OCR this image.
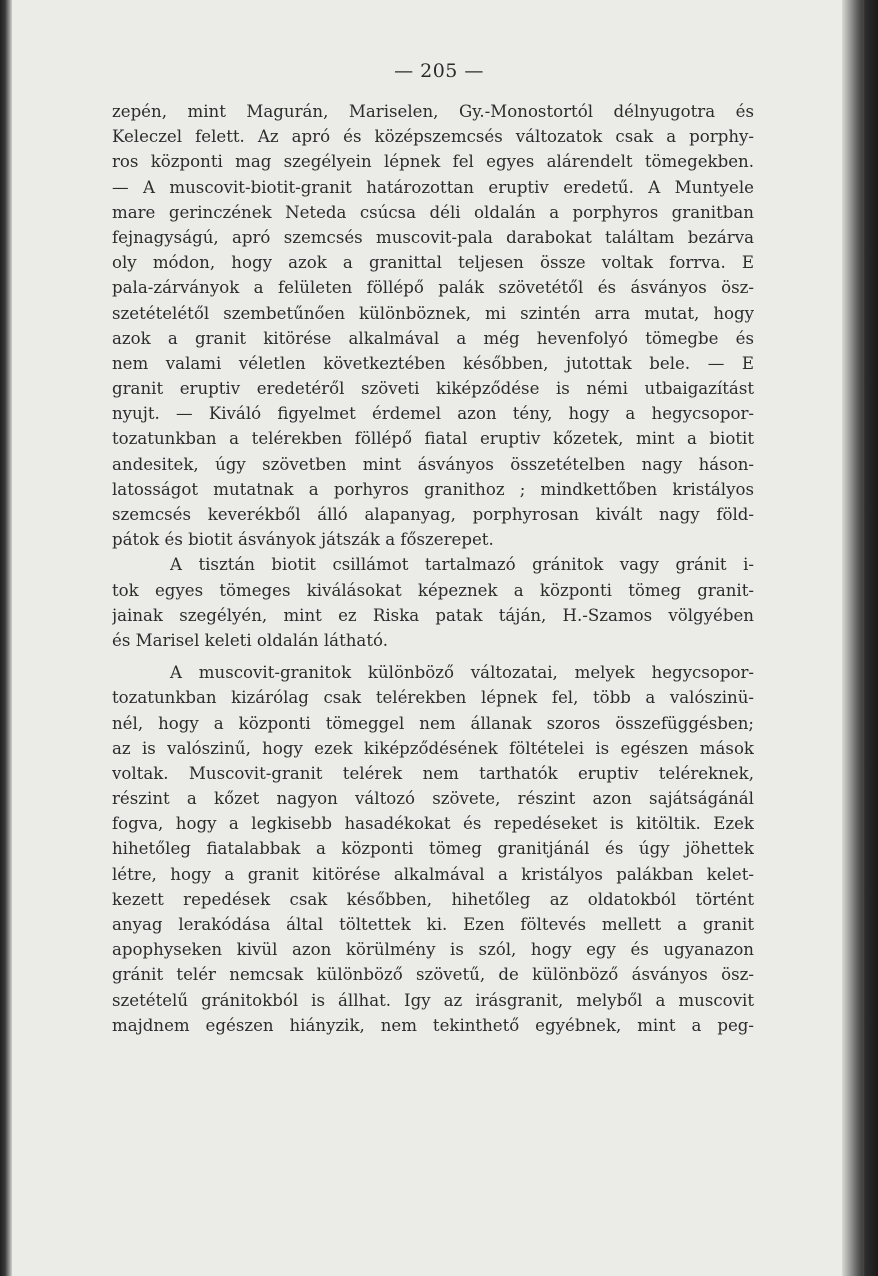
— 205 —
zepén, mint Magurán, Mariselen, Gy.-Monostortól délnyugotra és
Keleczel felett. Az apró és középszemcsés változatok csak a porphy-
ros központi mag szegélyein lépnek fel egyes alárendelt tömegekben.
— A muscovit-biotit-granit határozottan eruptiv eredetű. A Muntyele
mare gerinczének Neteda csúcsa déli oldalán a porphyros granitban
fejnagyságú, apró szemcsés muscovit-pala darabokat találtam bezárva
oly módon, hogy azok a granittal teljesen össze voltak forrva. E
pala-zárványok a felületen föllépő palák szövetétől és ásványos ösz-
szetételétől szembetűnően különböznek, mi szintén arra mutat, hogy
azok a granit kitörése alkalmával a még hevenfolyó tömegbe és
nem valami véletlen következtében későbben, jutottak bele. — E
granit eruptiv eredetéről szöveti kiképződése is némi utbaigazítást
nyujt. — Kiváló figyelmet érdemel azon tény, hogy a hegycsopor-
tozatunkban a telérekben föllépő fiatal eruptiv kőzetek, mint a biotit
andesitek, úgy szövetben mint ásványos összetételben nagy háson-
latosságot mutatnak a porhyros granithoz ; mindkettőben kristályos
szemcsés keverékből álló alapanyag, porphyrosan kivált nagy föld-
pátok és biotit ásványok játszák a főszerepet.
A tisztán biotit csillámot tartalmazó gránitok vagy gránit i-
tok egyes tömeges kiválásokat képeznek a központi tömeg granit-
jainak szegélyén, mint ez Riska patak táján, H.-Szamos völgyében
és Marisel keleti oldalán látható.
A muscovit-granitok különböző változatai, melyek hegycsopor-
tozatunkban kizárólag csak telérekben lépnek fel, több a valószinü-
nél, hogy a központi tömeggel nem állanak szoros összefüggésben;
az is valószinű, hogy ezek kiképződésének föltételei is egészen mások
voltak. Muscovit-granit telérek nem tarthatók eruptiv teléreknek,
részint a kőzet nagyon változó szövete, részint azon sajátságánál
fogva, hogy a legkisebb hasadékokat és repedéseket is kitöltik. Ezek
hihetőleg fiatalabbak a központi tömeg granitjánál és úgy jöhettek
létre, hogy a granit kitörése alkalmával a kristályos palákban kelet-
kezett repedések csak későbben, hihetőleg az oldatokból történt
anyag lerakódása által töltettek ki. Ezen föltevés mellett a granit
apophyseken kivül azon körülmény is szól, hogy egy és ugyanazon
gránit telér nemcsak különböző szövetű, de különböző ásványos ösz-
szetételű gránitokból is állhat. Igy az irásgranit, melyből a muscovit
majdnem egészen hiányzik, nem tekinthető egyébnek, mint a peg-
